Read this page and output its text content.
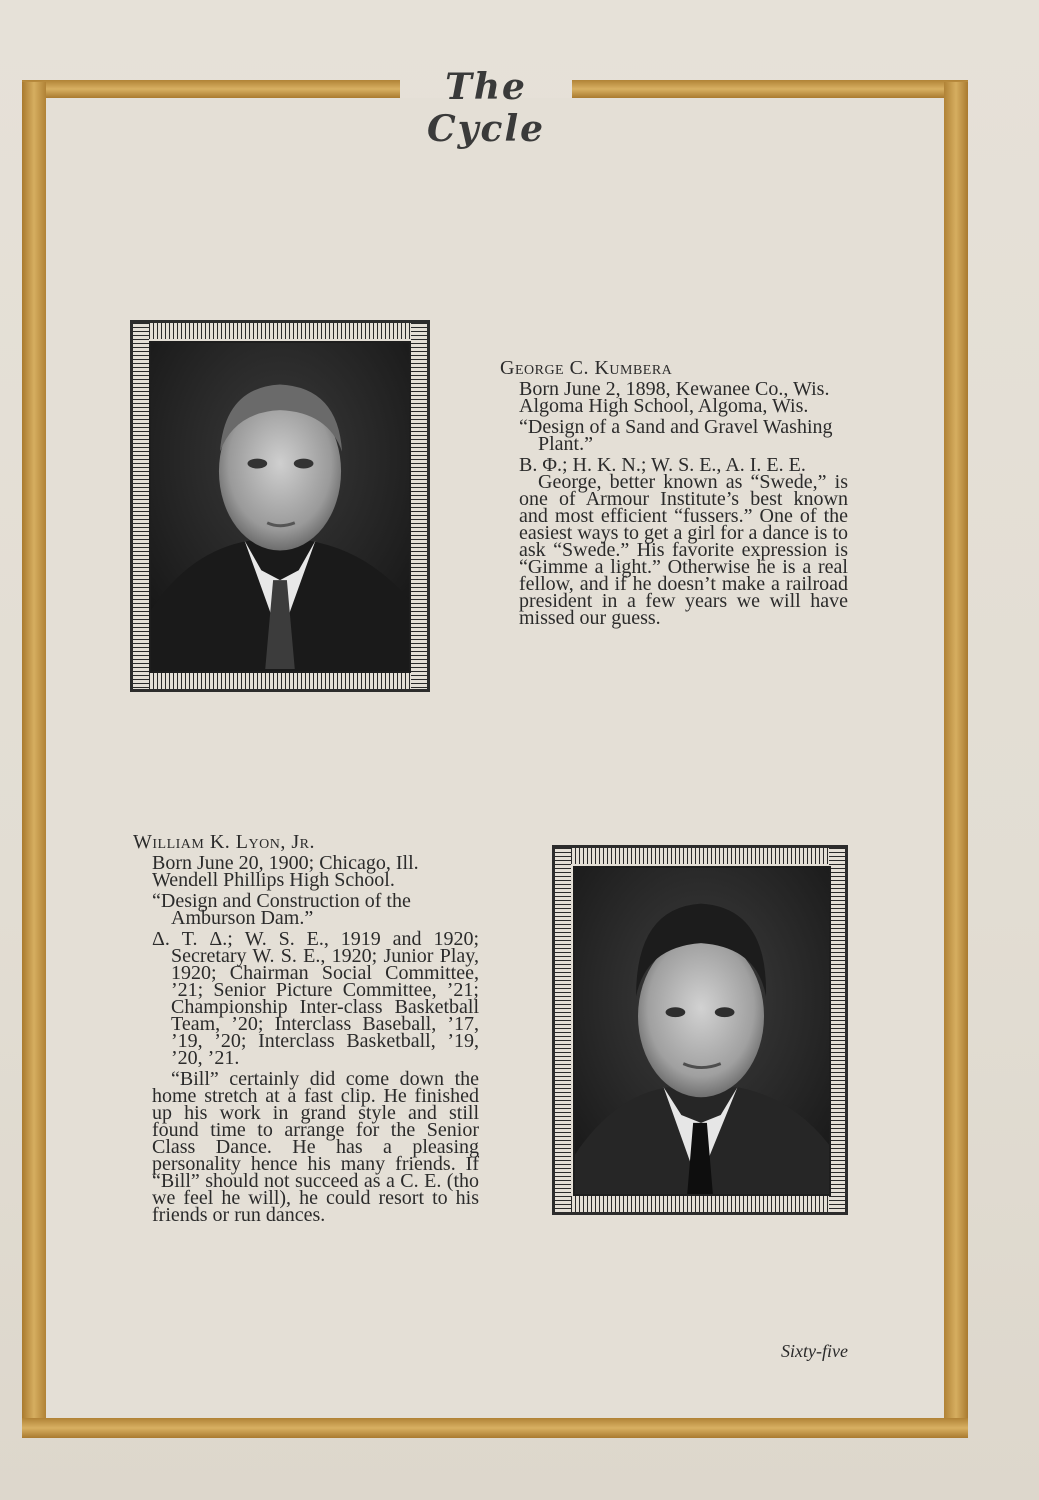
The Cycle
George C. Kumbera
Born June 2, 1898, Kewanee Co., Wis.
Algoma High School, Algoma, Wis.
“Design of a Sand and Gravel Washing Plant.”
B. Φ.; H. K. N.; W. S. E., A. I. E. E.
George, better known as “Swede,” is one of Armour Institute’s best known and most efficient “fussers.” One of the easiest ways to get a girl for a dance is to ask “Swede.” His favorite expression is “Gimme a light.” Otherwise he is a real fellow, and if he doesn’t make a railroad president in a few years we will have missed our guess.
William K. Lyon, Jr.
Born June 20, 1900; Chicago, Ill.
Wendell Phillips High School.
“Design and Construction of the Amburson Dam.”
Δ. T. Δ.; W. S. E., 1919 and 1920; Secretary W. S. E., 1920; Junior Play, 1920; Chairman Social Committee, ’21; Senior Picture Committee, ’21; Championship Inter-class Basketball Team, ’20; Interclass Baseball, ’17, ’19, ’20; Interclass Basketball, ’19, ’20, ’21.
“Bill” certainly did come down the home stretch at a fast clip. He finished up his work in grand style and still found time to arrange for the Senior Class Dance. He has a pleasing personality hence his many friends. If “Bill” should not succeed as a C. E. (tho we feel he will), he could resort to his friends or run dances.
Sixty-five
